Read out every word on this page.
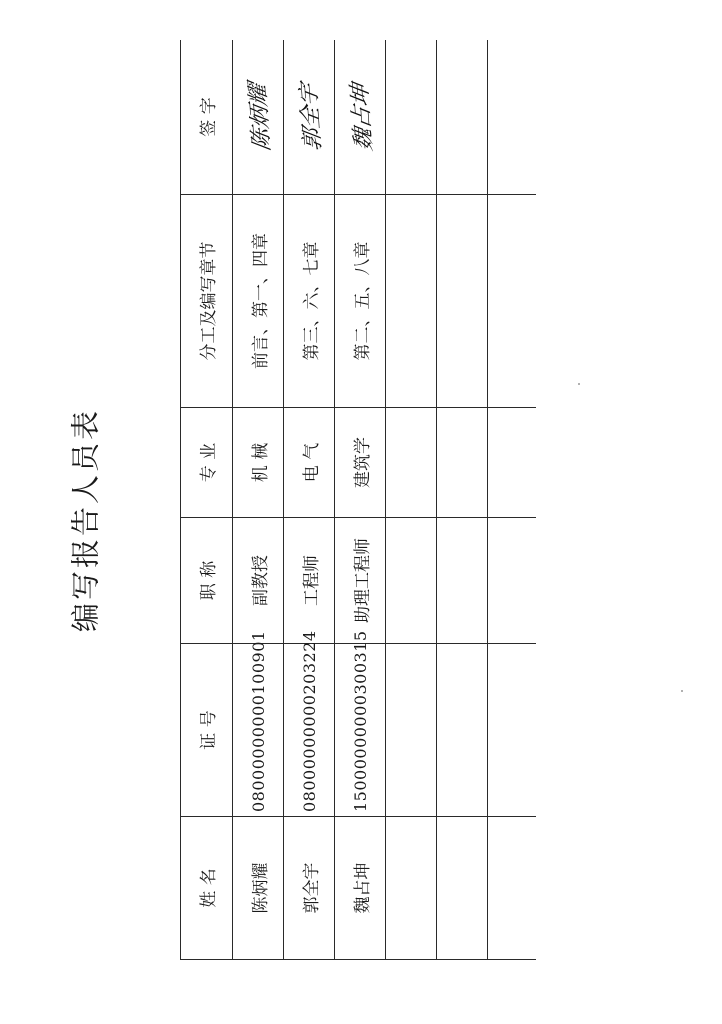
编写报告人员表
姓 名	证 号	职 称	专 业	分工及编写章节	签 字
陈炳耀	08000000000100901	副教授	机 械	前言、第一、四章	陈炳耀
郭全宇	08000000000203224	工程师	电 气	第三、六、七章	郭全宇
魏占坤	15000000000300315	助理工程师	建筑学	第二、五、八章	魏占坤
